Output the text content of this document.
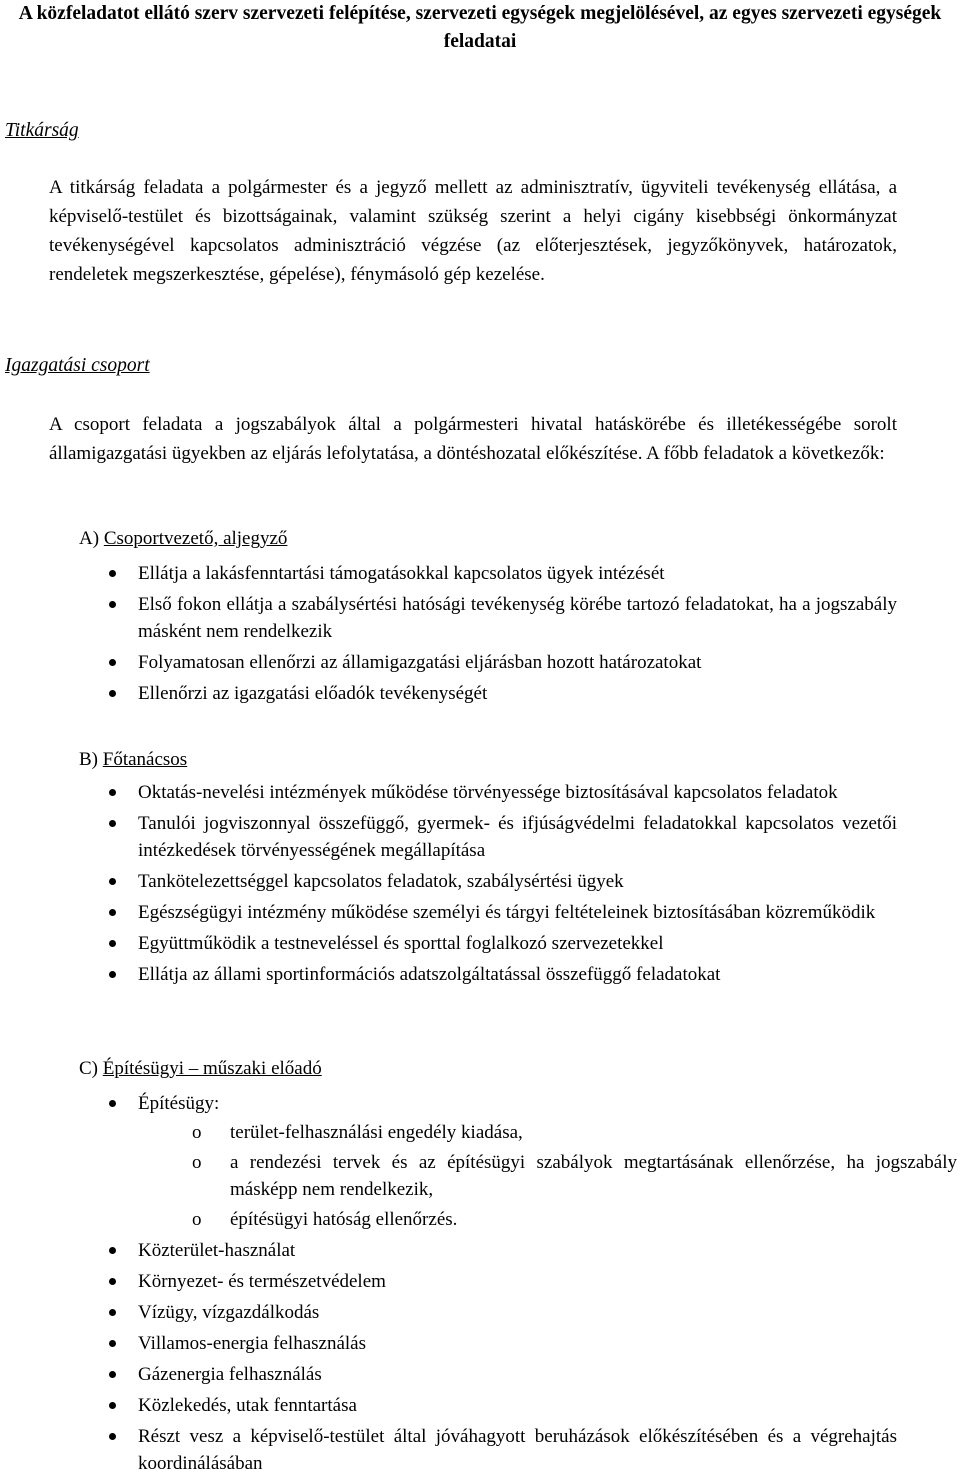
A közfeladatot ellátó szerv szervezeti felépítése, szervezeti egységek megjelölésével, az egyes szervezeti egységek feladatai
Titkárság
A titkárság feladata a polgármester és a jegyző mellett az adminisztratív, ügyviteli tevékenység ellátása, a képviselő-testület és bizottságainak, valamint szükség szerint a helyi cigány kisebbségi önkormányzat tevékenységével kapcsolatos adminisztráció végzése (az előterjesztések, jegyzőkönyvek, határozatok, rendeletek megszerkesztése, gépelése), fénymásoló gép kezelése.
Igazgatási csoport
A csoport feladata a jogszabályok által a polgármesteri hivatal hatáskörébe és illetékességébe sorolt államigazgatási ügyekben az eljárás lefolytatása, a döntéshozatal előkészítése. A főbb feladatok a következők:
A) Csoportvezető, aljegyző
Ellátja a lakásfenntartási támogatásokkal kapcsolatos ügyek intézését
Első fokon ellátja a szabálysértési hatósági tevékenység körébe tartozó feladatokat, ha a jogszabály másként nem rendelkezik
Folyamatosan ellenőrzi az államigazgatási eljárásban hozott határozatokat
Ellenőrzi az igazgatási előadók tevékenységét
B) Főtanácsos
Oktatás-nevelési intézmények működése törvényessége biztosításával kapcsolatos feladatok
Tanulói jogviszonnyal összefüggő, gyermek- és ifjúságvédelmi feladatokkal kapcsolatos vezetői intézkedések törvényességének megállapítása
Tankötelezettséggel kapcsolatos feladatok, szabálysértési ügyek
Egészségügyi intézmény működése személyi és tárgyi feltételeinek biztosításában közreműködik
Együttműködik a testneveléssel és sporttal foglalkozó szervezetekkel
Ellátja az állami sportinformációs adatszolgáltatással összefüggő feladatokat
C) Építésügyi – műszaki előadó
Építésügy:
o terület-felhasználási engedély kiadása,
o a rendezési tervek és az építésügyi szabályok megtartásának ellenőrzése, ha jogszabály másképp nem rendelkezik,
o építésügyi hatóság ellenőrzés.
Közterület-használat
Környezet- és természetvédelem
Vízügy, vízgazdálkodás
Villamos-energia felhasználás
Gázenergia felhasználás
Közlekedés, utak fenntartása
Részt vesz a képviselő-testület által jóváhagyott beruházások előkészítésében és a végrehajtás koordinálásában
